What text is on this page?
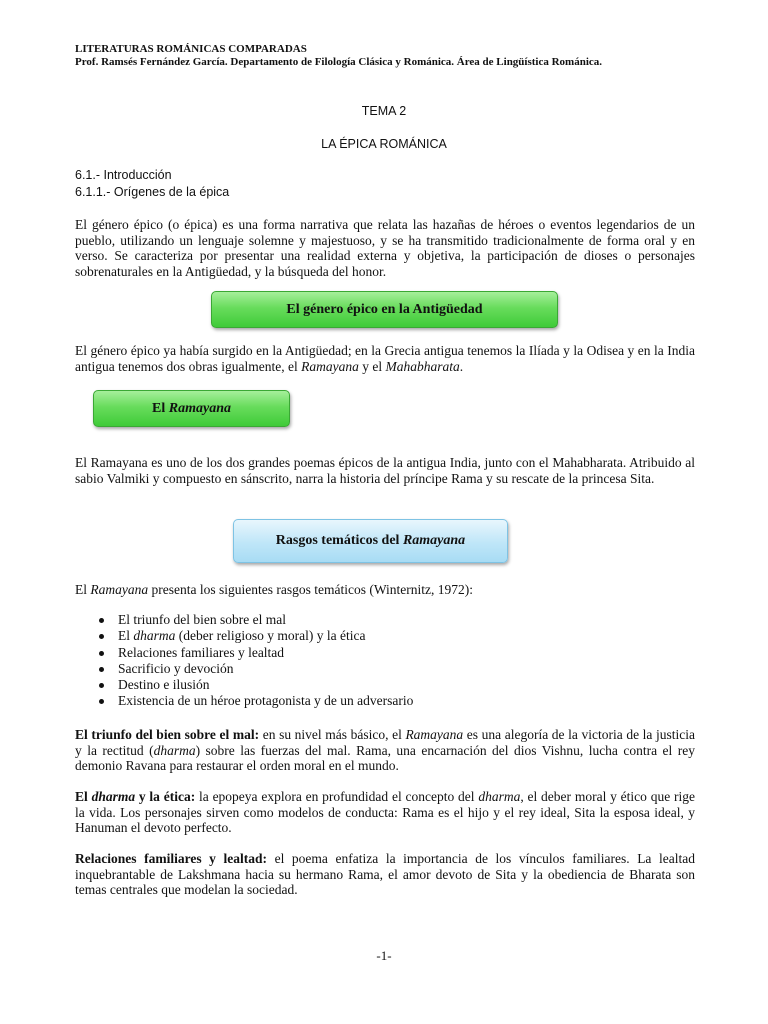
LITERATURAS ROMÁNICAS COMPARADAS
Prof. Ramsés Fernández García. Departamento de Filología Clásica y Románica. Área de Lingüística Románica.
TEMA 2
LA ÉPICA ROMÁNICA
6.1.- Introducción
6.1.1.- Orígenes de la épica
El género épico (o épica) es una forma narrativa que relata las hazañas de héroes o eventos legendarios de un pueblo, utilizando un lenguaje solemne y majestuoso, y se ha transmitido tradicionalmente de forma oral y en verso. Se caracteriza por presentar una realidad externa y objetiva, la participación de dioses o personajes sobrenaturales en la Antigüedad, y la búsqueda del honor.
El género épico en la Antigüedad
El género épico ya había surgido en la Antigüedad; en la Grecia antigua tenemos la Ilíada y la Odisea y en la India antigua tenemos dos obras igualmente, el Ramayana y el Mahabharata.
El Ramayana
El Ramayana es uno de los dos grandes poemas épicos de la antigua India, junto con el Mahabharata. Atribuido al sabio Valmiki y compuesto en sánscrito, narra la historia del príncipe Rama y su rescate de la princesa Sita.
Rasgos temáticos del Ramayana
El Ramayana presenta los siguientes rasgos temáticos (Winternitz, 1972):
El triunfo del bien sobre el mal
El dharma (deber religioso y moral) y la ética
Relaciones familiares y lealtad
Sacrificio y devoción
Destino e ilusión
Existencia de un héroe protagonista y de un adversario
El triunfo del bien sobre el mal: en su nivel más básico, el Ramayana es una alegoría de la victoria de la justicia y la rectitud (dharma) sobre las fuerzas del mal. Rama, una encarnación del dios Vishnu, lucha contra el rey demonio Ravana para restaurar el orden moral en el mundo.
El dharma y la ética: la epopeya explora en profundidad el concepto del dharma, el deber moral y ético que rige la vida. Los personajes sirven como modelos de conducta: Rama es el hijo y el rey ideal, Sita la esposa ideal, y Hanuman el devoto perfecto.
Relaciones familiares y lealtad: el poema enfatiza la importancia de los vínculos familiares. La lealtad inquebrantable de Lakshmana hacia su hermano Rama, el amor devoto de Sita y la obediencia de Bharata son temas centrales que modelan la sociedad.
-1-
